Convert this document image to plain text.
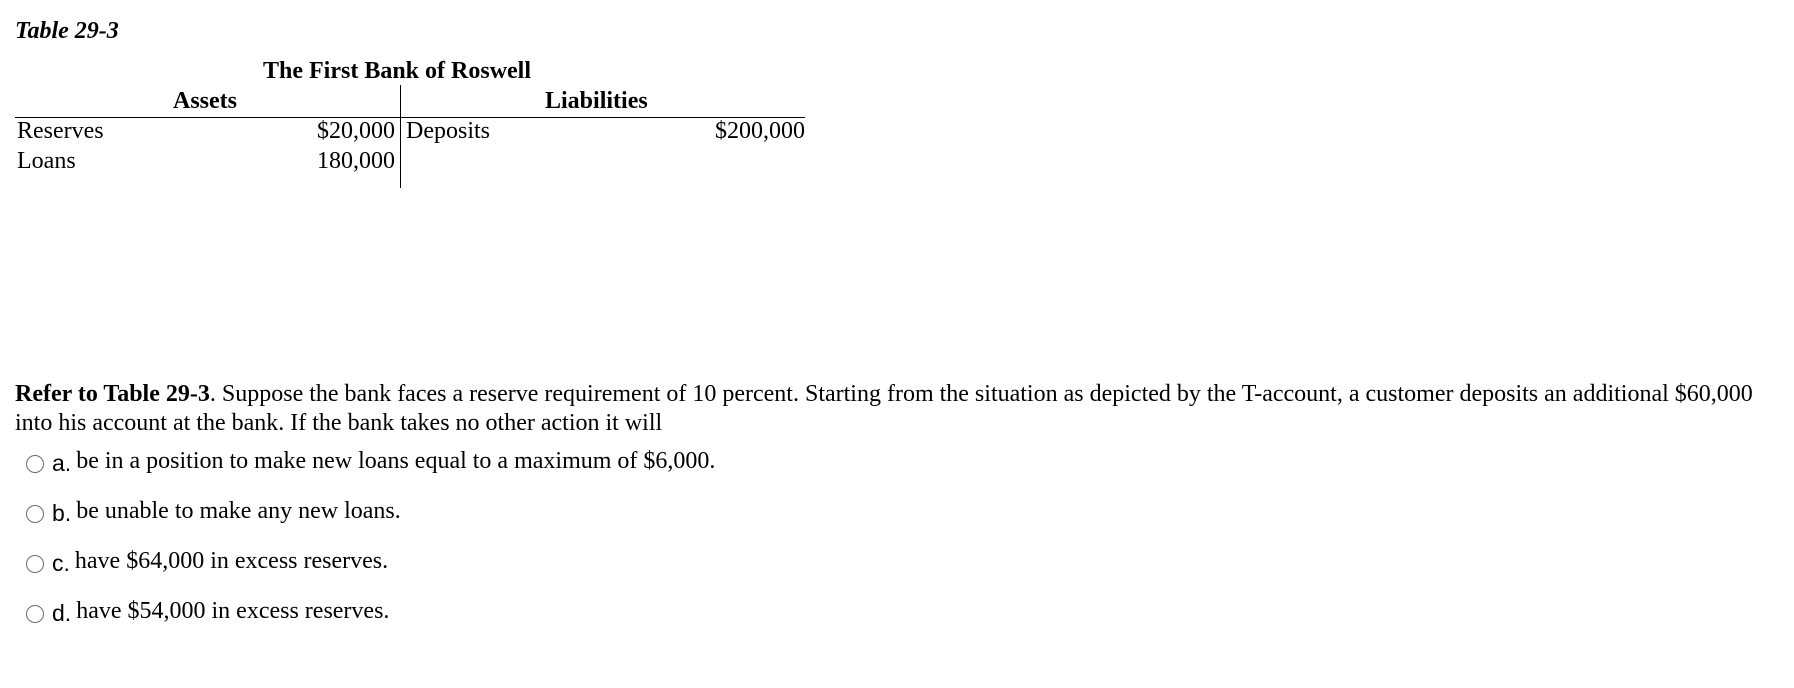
Table 29-3
The First Bank of Roswell
Assets	Liabilities
Reserves	$20,000 Deposits	$200,000
Loans	180,000
Refer to Table 29-3. Suppose the bank faces a reserve requirement of 10 percent. Starting from the situation as depicted by the T-account, a customer deposits an additional $60,000 into his account at the bank. If the bank takes no other action it will
a. be in a position to make new loans equal to a maximum of $6,000.
b. be unable to make any new loans.
c. have $64,000 in excess reserves.
d. have $54,000 in excess reserves.
